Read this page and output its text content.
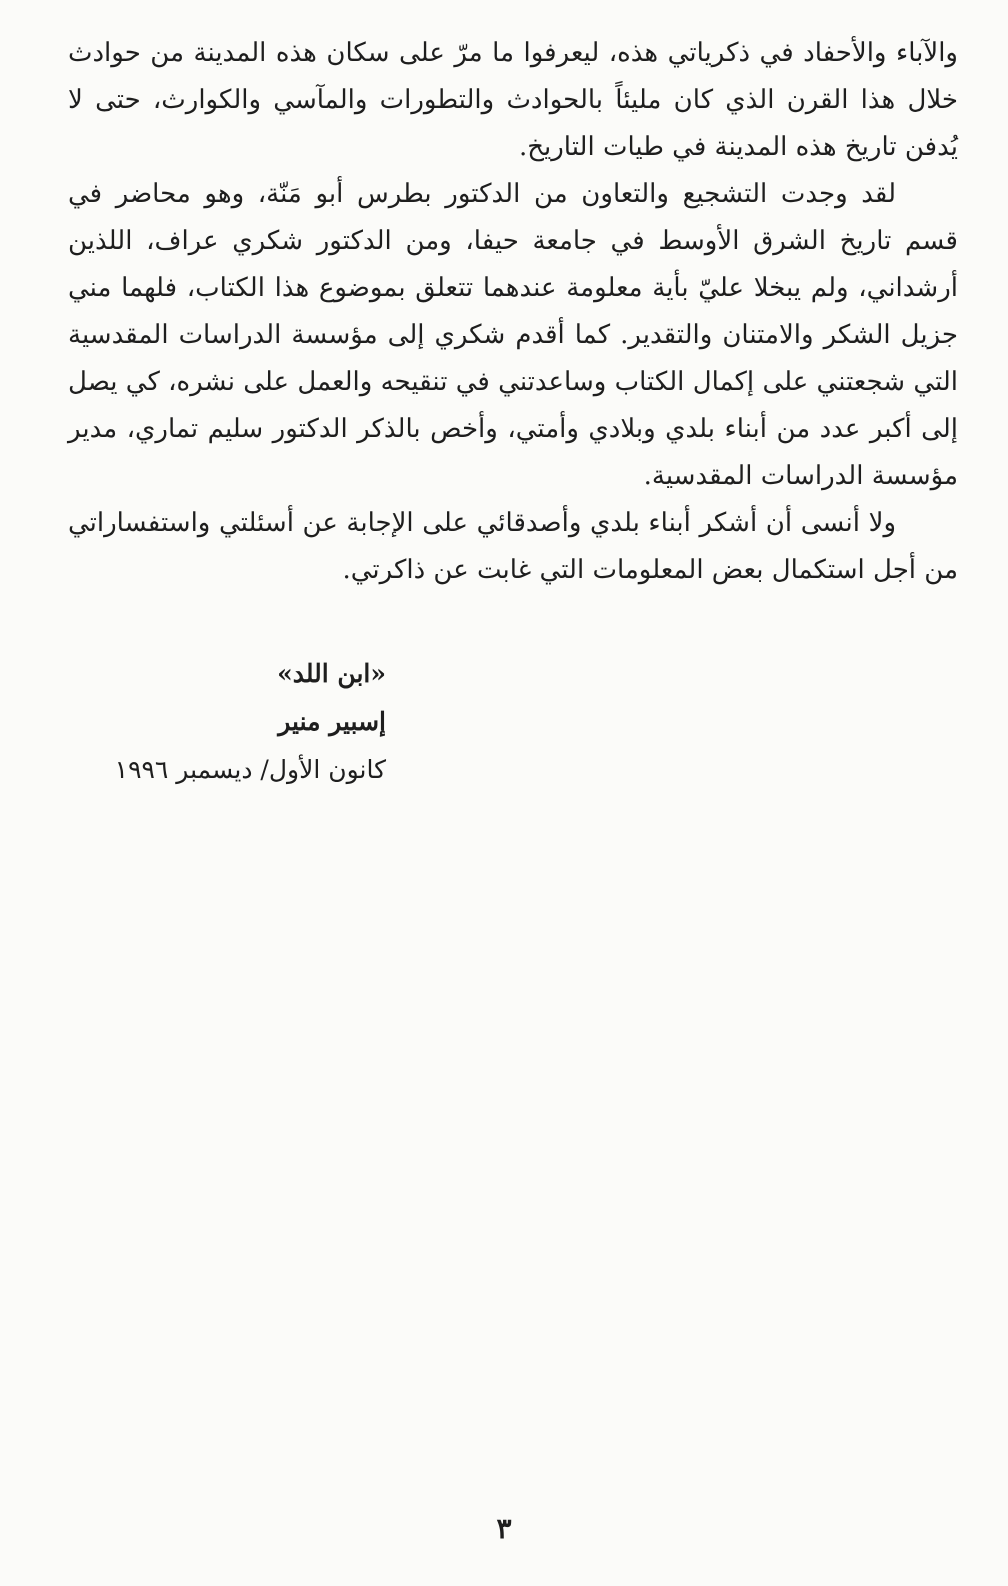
والآباء والأحفاد في ذكرياتي هذه، ليعرفوا ما مرّ على سكان هذه المدينة من حوادث خلال هذا القرن الذي كان مليئاً بالحوادث والتطورات والمآسي والكوارث، حتى لا يُدفن تاريخ هذه المدينة في طيات التاريخ.

لقد وجدت التشجيع والتعاون من الدكتور بطرس أبو مَنّة، وهو محاضر في قسم تاريخ الشرق الأوسط في جامعة حيفا، ومن الدكتور شكري عراف، اللذين أرشداني، ولم يبخلا عليّ بأية معلومة عندهما تتعلق بموضوع هذا الكتاب، فلهما مني جزيل الشكر والامتنان والتقدير. كما أقدم شكري إلى مؤسسة الدراسات المقدسية التي شجعتني على إكمال الكتاب وساعدتني في تنقيحه والعمل على نشره، كي يصل إلى أكبر عدد من أبناء بلدي وبلادي وأمتي، وأخص بالذكر الدكتور سليم تماري، مدير مؤسسة الدراسات المقدسية.

ولا أنسى أن أشكر أبناء بلدي وأصدقائي على الإجابة عن أسئلتي واستفساراتي من أجل استكمال بعض المعلومات التي غابت عن ذاكرتي.

«ابن اللد»
إسبير منير
كانون الأول/ ديسمبر ١٩٩٦
٣
